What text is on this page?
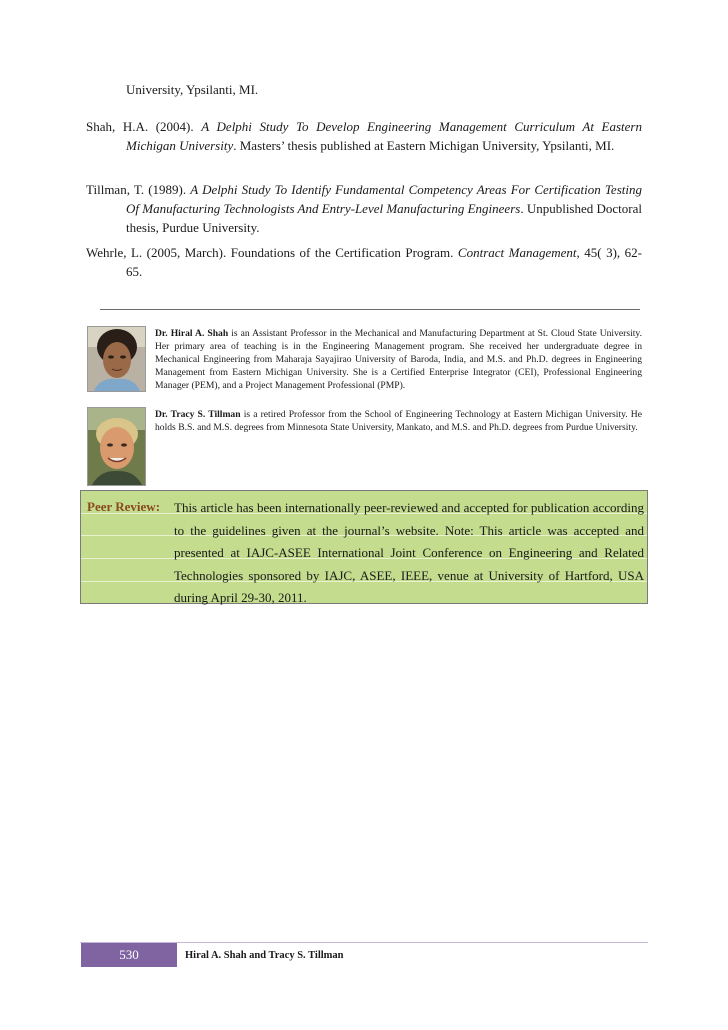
University, Ypsilanti, MI.
Shah, H.A. (2004). A Delphi Study To Develop Engineering Management Curriculum At Eastern Michigan University. Masters’ thesis published at Eastern Michigan University, Ypsilanti, MI.
Tillman, T. (1989). A Delphi Study To Identify Fundamental Competency Areas For Certification Testing Of Manufacturing Technologists And Entry-Level Manufacturing Engineers. Unpublished Doctoral thesis, Purdue University.
Wehrle, L. (2005, March). Foundations of the Certification Program. Contract Management, 45( 3), 62-65.
Dr. Hiral A. Shah is an Assistant Professor in the Mechanical and Manufacturing Department at St. Cloud State University. Her primary area of teaching is in the Engineering Management program. She received her undergraduate degree in Mechanical Engineering from Maharaja Sayajirao University of Baroda, India, and M.S. and Ph.D. degrees in Engineering Management from Eastern Michigan University. She is a Certified Enterprise Integrator (CEI), Professional Engineering Manager (PEM), and a Project Management Professional (PMP).
Dr. Tracy S. Tillman is a retired Professor from the School of Engineering Technology at Eastern Michigan University. He holds B.S. and M.S. degrees from Minnesota State University, Mankato, and M.S. and Ph.D. degrees from Purdue University.
Peer Review: This article has been internationally peer-reviewed and accepted for publication according to the guidelines given at the journal’s website. Note: This article was accepted and presented at IAJC-ASEE International Joint Conference on Engineering and Related Technologies sponsored by IAJC, ASEE, IEEE, venue at University of Hartford, USA during April 29-30, 2011.
530	Hiral A. Shah and Tracy S. Tillman
